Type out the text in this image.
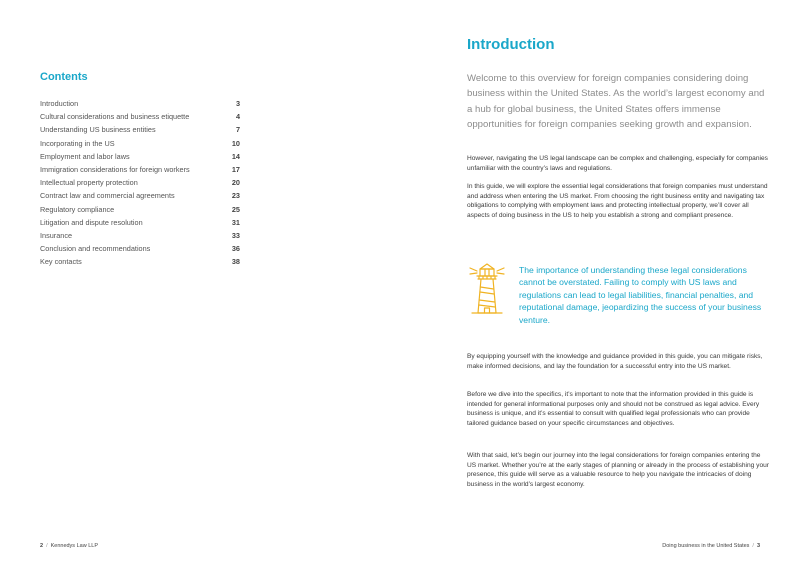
Contents
Introduction	3
Cultural considerations and business etiquette	4
Understanding US business entities	7
Incorporating in the US	10
Employment and labor laws	14
Immigration considerations for foreign workers	17
Intellectual property protection	20
Contract law and commercial agreements	23
Regulatory compliance	25
Litigation and dispute resolution	31
Insurance	33
Conclusion and recommendations	36
Key contacts	38
2 / Kennedys Law LLP
Introduction

Welcome to this overview for foreign companies considering doing business within the United States. As the world’s largest economy and a hub for global business, the United States offers immense opportunities for foreign companies seeking growth and expansion.

However, navigating the US legal landscape can be complex and challenging, especially for companies unfamiliar with the country’s laws and regulations.

In this guide, we will explore the essential legal considerations that foreign companies must understand and address when entering the US market. From choosing the right business entity and navigating tax obligations to complying with employment laws and protecting intellectual property, we’ll cover all aspects of doing business in the US to help you establish a strong and compliant presence.

The importance of understanding these legal considerations cannot be overstated. Failing to comply with US laws and regulations can lead to legal liabilities, financial penalties, and reputational damage, jeopardizing the success of your business venture.

By equipping yourself with the knowledge and guidance provided in this guide, you can mitigate risks, make informed decisions, and lay the foundation for a successful entry into the US market.

Before we dive into the specifics, it’s important to note that the information provided in this guide is intended for general informational purposes only and should not be construed as legal advice. Every business is unique, and it’s essential to consult with qualified legal professionals who can provide tailored guidance based on your specific circumstances and objectives.

With that said, let’s begin our journey into the legal considerations for foreign companies entering the US market. Whether you’re at the early stages of planning or already in the process of establishing your presence, this guide will serve as a valuable resource to help you navigate the intricacies of doing business in the world’s largest economy.

Doing business in the United States / 3
